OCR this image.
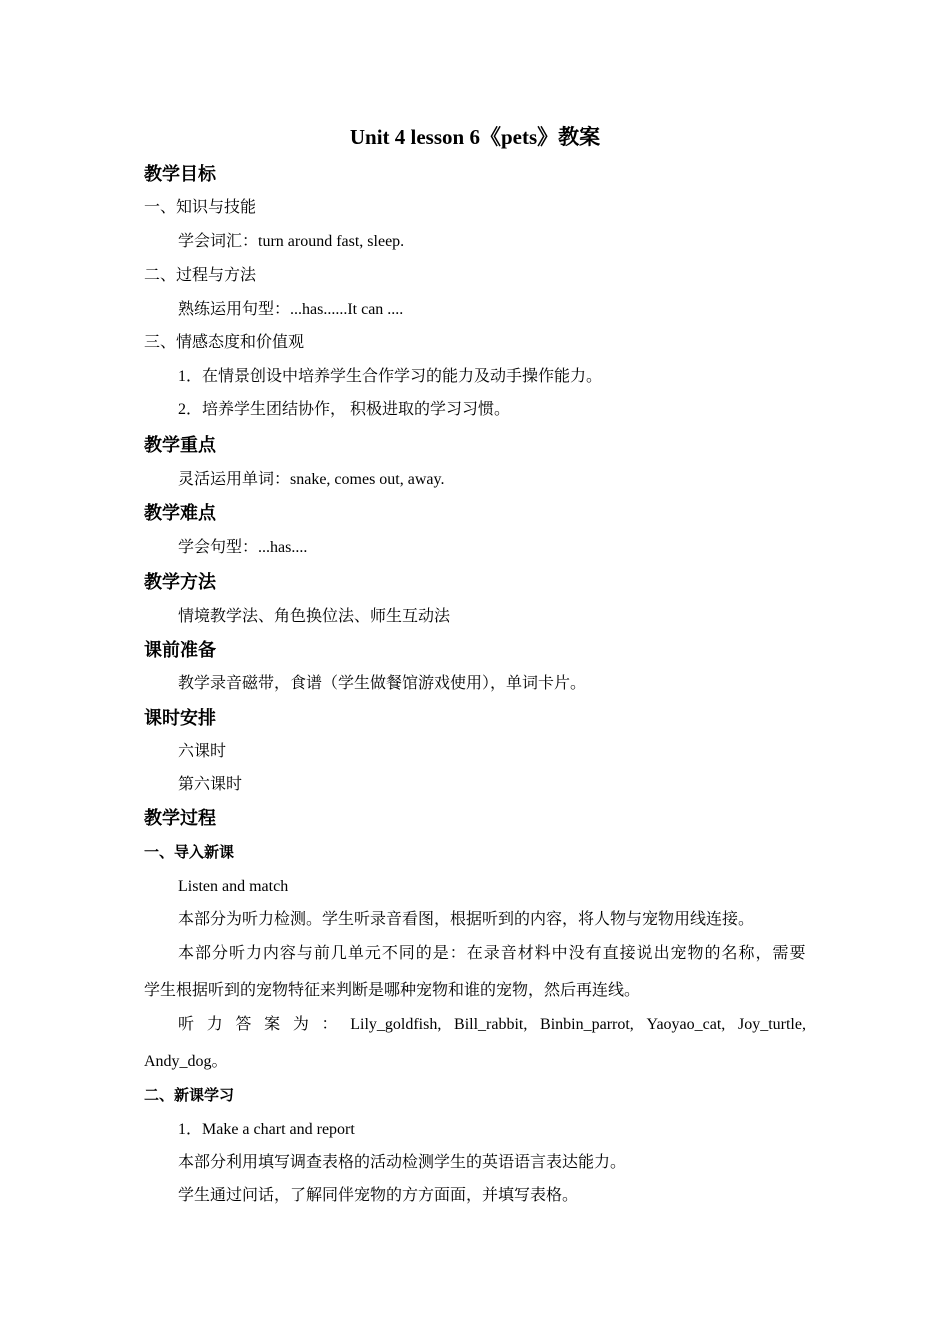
Unit 4 lesson 6《pets》教案
教学目标
一、知识与技能
学会词汇：turn around fast, sleep.
二、过程与方法
熟练运用句型：...has......It can ....
三、情感态度和价值观
1．在情景创设中培养学生合作学习的能力及动手操作能力。
2．培养学生团结协作， 积极进取的学习习惯。
教学重点
灵活运用单词：snake, comes out, away.
教学难点
学会句型：...has....
教学方法
情境教学法、角色换位法、师生互动法
课前准备
教学录音磁带，食谱（学生做餐馆游戏使用），单词卡片。
课时安排
六课时
第六课时
教学过程
一、导入新课
Listen and match
本部分为听力检测。学生听录音看图，根据听到的内容，将人物与宠物用线连接。
本 部 分 听 力 内 容 与 前 几 单 元 不 同 的 是 ： 在 录 音 材 料 中 没 有 直 接 说 出 宠 物 的 名 称 ， 需 要
学生根据听到的宠物特征来判断是哪种宠物和谁的宠物，然后再连线。
听 力 答 案 为 ： Lily_goldfish, Bill_rabbit, Binbin_parrot, Yaoyao_cat, Joy_turtle,
Andy_dog。
二、新课学习
1．Make a chart and report
本部分利用填写调查表格的活动检测学生的英语语言表达能力。
学生通过问话，了解同伴宠物的方方面面，并填写表格。
